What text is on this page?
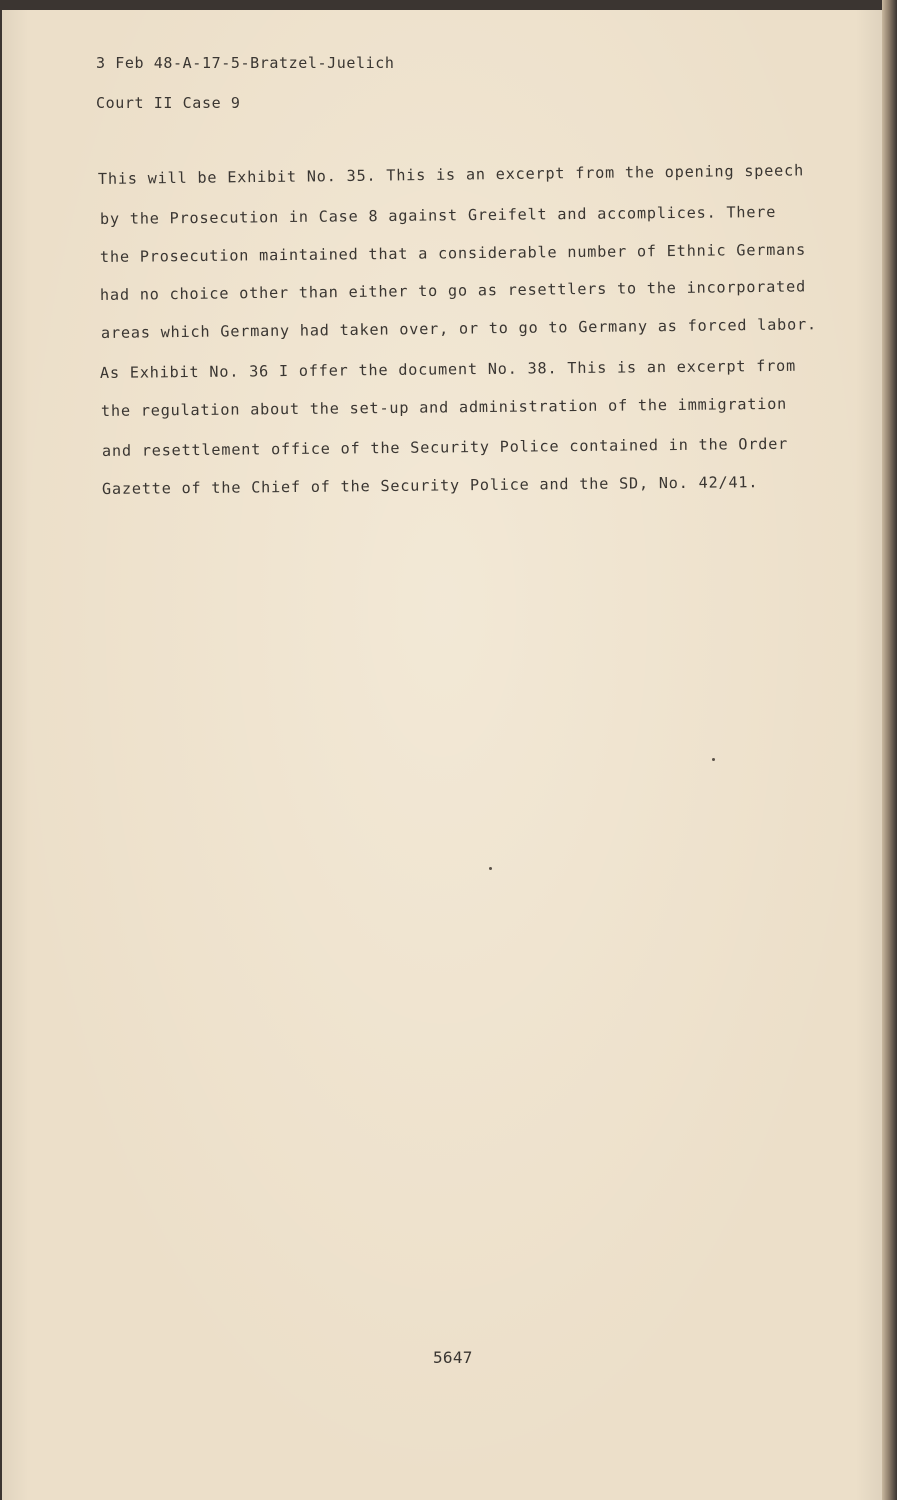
3 Feb 48-A-17-5-Bratzel-Juelich
Court II Case 9
This will be Exhibit No. 35. This is an excerpt from the opening speech
by the Prosecution in Case 8 against Greifelt and accomplices. There
the Prosecution maintained that a considerable number of Ethnic Germans
had no choice other than either to go as resettlers to the incorporated
areas which Germany had taken over, or to go to Germany as forced labor.
As Exhibit No. 36 I offer the document No. 38. This is an excerpt from
the regulation about the set-up and administration of the immigration
and resettlement office of the Security Police contained in the Order
Gazette of the Chief of the Security Police and the SD, No. 42/41.
5647
